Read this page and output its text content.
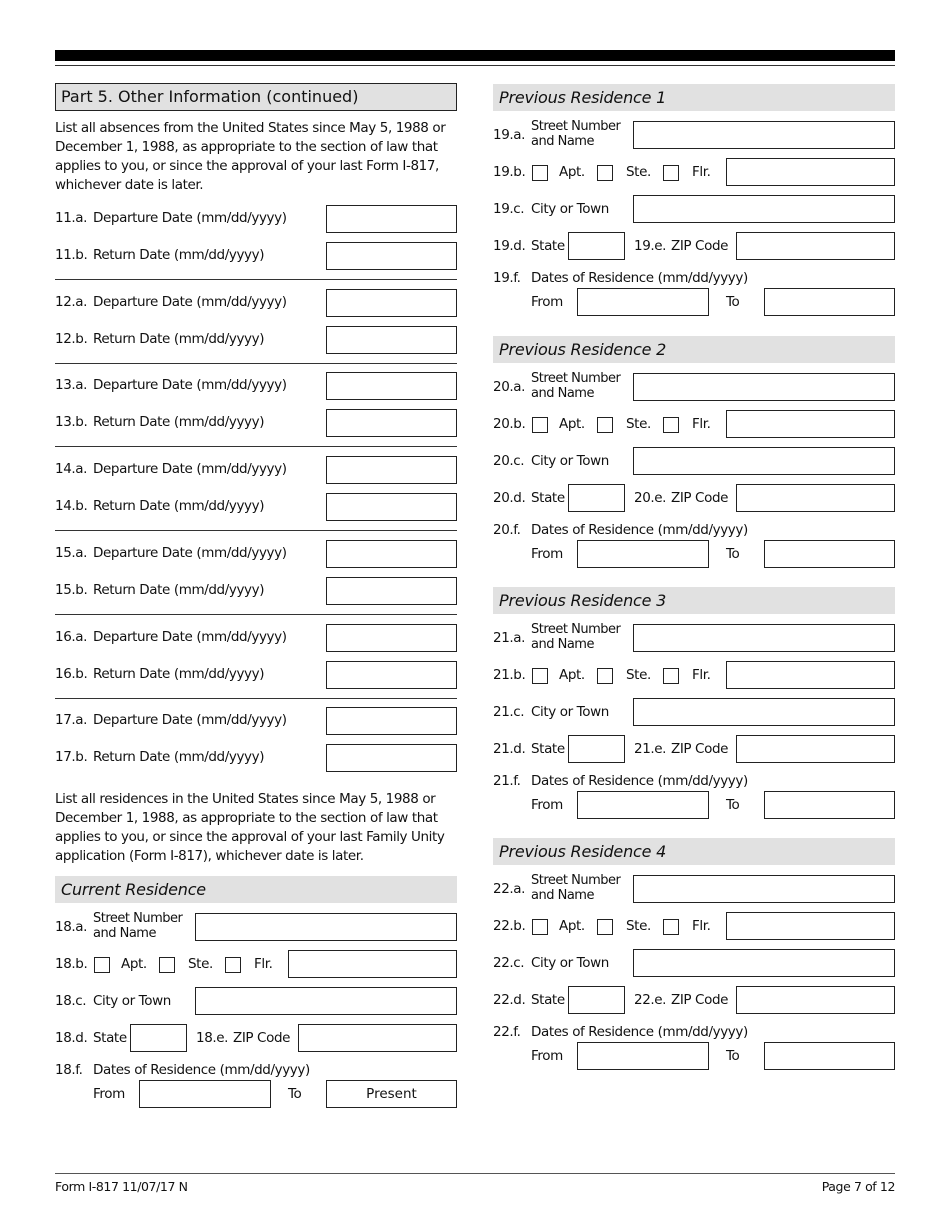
Part 5. Other Information (continued)
List all absences from the United States since May 5, 1988 or December 1, 1988, as appropriate to the section of law that applies to you, or since the approval of your last Form I-817, whichever date is later.
List all residences in the United States since May 5, 1988 or December 1, 1988, as appropriate to the section of law that applies to you, or since the approval of your last Family Unity application (Form I-817), whichever date is later.
11.a. Departure Date (mm/dd/yyyy)
11.b. Return Date (mm/dd/yyyy)
12.a. Departure Date (mm/dd/yyyy)
12.b. Return Date (mm/dd/yyyy)
13.a. Departure Date (mm/dd/yyyy)
13.b. Return Date (mm/dd/yyyy)
14.a. Departure Date (mm/dd/yyyy)
14.b. Return Date (mm/dd/yyyy)
15.a. Departure Date (mm/dd/yyyy)
15.b. Return Date (mm/dd/yyyy)
16.a. Departure Date (mm/dd/yyyy)
16.b. Return Date (mm/dd/yyyy)
17.a. Departure Date (mm/dd/yyyy)
17.b. Return Date (mm/dd/yyyy)
Current Residence
18.a.
Street Number
and Name
18.b. Apt.	Ste.	Flr.
18.c. City or Town
18.d. State	18.e. ZIP Code
18.f. Dates of Residence (mm/dd/yyyy)
From	To	Present
Previous Residence 1
19.a.
Street Number
and Name
19.b. Apt.	Ste.	Flr.
19.c. City or Town
19.d. State	19.e. ZIP Code
19.f. Dates of Residence (mm/dd/yyyy)
From	To
Previous Residence 2
20.a.
Street Number
and Name
20.b. Apt.	Ste.	Flr.
20.c. City or Town
20.d. State	20.e. ZIP Code
20.f. Dates of Residence (mm/dd/yyyy)
From	To
Previous Residence 3
21.a.
Street Number
and Name
21.b. Apt.	Ste.	Flr.
21.c. City or Town
21.d. State	21.e. ZIP Code
21.f. Dates of Residence (mm/dd/yyyy)
From	To
Previous Residence 4
22.a.
Street Number
and Name
22.b. Apt.	Ste.	Flr.
22.c. City or Town
22.d. State	22.e. ZIP Code
22.f. Dates of Residence (mm/dd/yyyy)
From	To
Form I-817 11/07/17 N	Page 7 of 12
